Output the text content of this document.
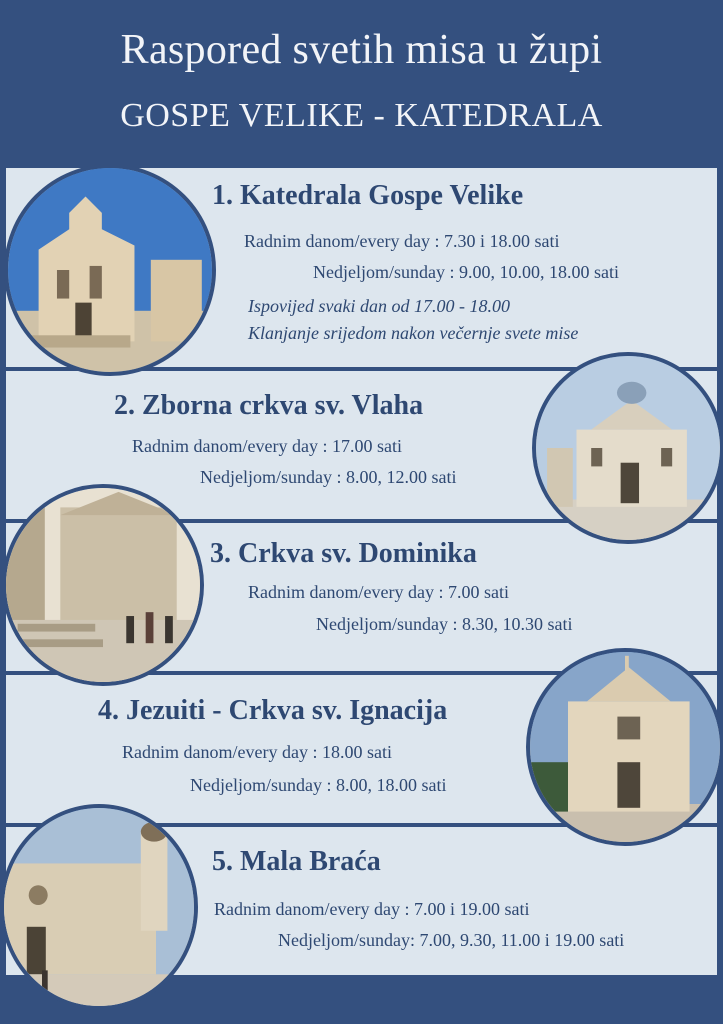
Raspored svetih misa u župi
GOSPE VELIKE - KATEDRALA
1. Katedrala Gospe Velike
Radnim danom/every day : 7.30 i 18.00 sati
Nedjeljom/sunday : 9.00, 10.00, 18.00 sati
Ispovijed svaki dan od 17.00 - 18.00
Klanjanje srijedom nakon večernje svete mise
2. Zborna crkva sv. Vlaha
Radnim danom/every day : 17.00 sati
Nedjeljom/sunday : 8.00, 12.00 sati
3. Crkva sv. Dominika
Radnim danom/every day : 7.00 sati
Nedjeljom/sunday : 8.30, 10.30 sati
4. Jezuiti - Crkva sv. Ignacija
Radnim danom/every day : 18.00 sati
Nedjeljom/sunday : 8.00, 18.00 sati
5. Mala Braća
Radnim danom/every day : 7.00 i 19.00 sati
Nedjeljom/sunday: 7.00, 9.30, 11.00 i 19.00 sati
